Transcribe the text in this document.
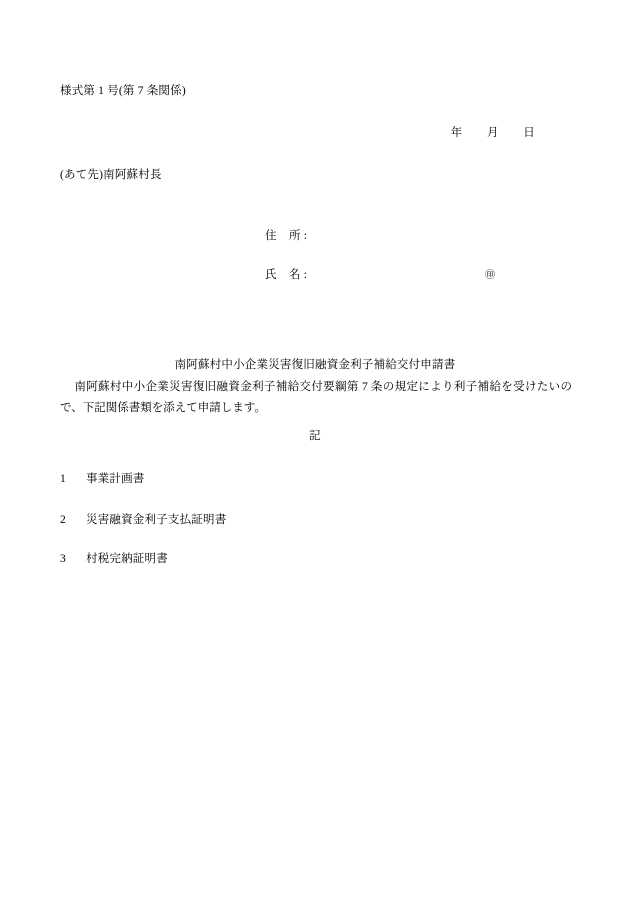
様式第 1 号(第 7 条関係)
年        月        日
(あて先)南阿蘇村長
住    所 :
氏    名 :	㊞
南阿蘇村中小企業災害復旧融資金利子補給交付申請書
南阿蘇村中小企業災害復旧融資金利子補給交付要綱第 7 条の規定により利子補給を受けたいので、下記関係書類を添えて申請します。
記
1 事業計画書
2 災害融資金利子支払証明書
3 村税完納証明書
